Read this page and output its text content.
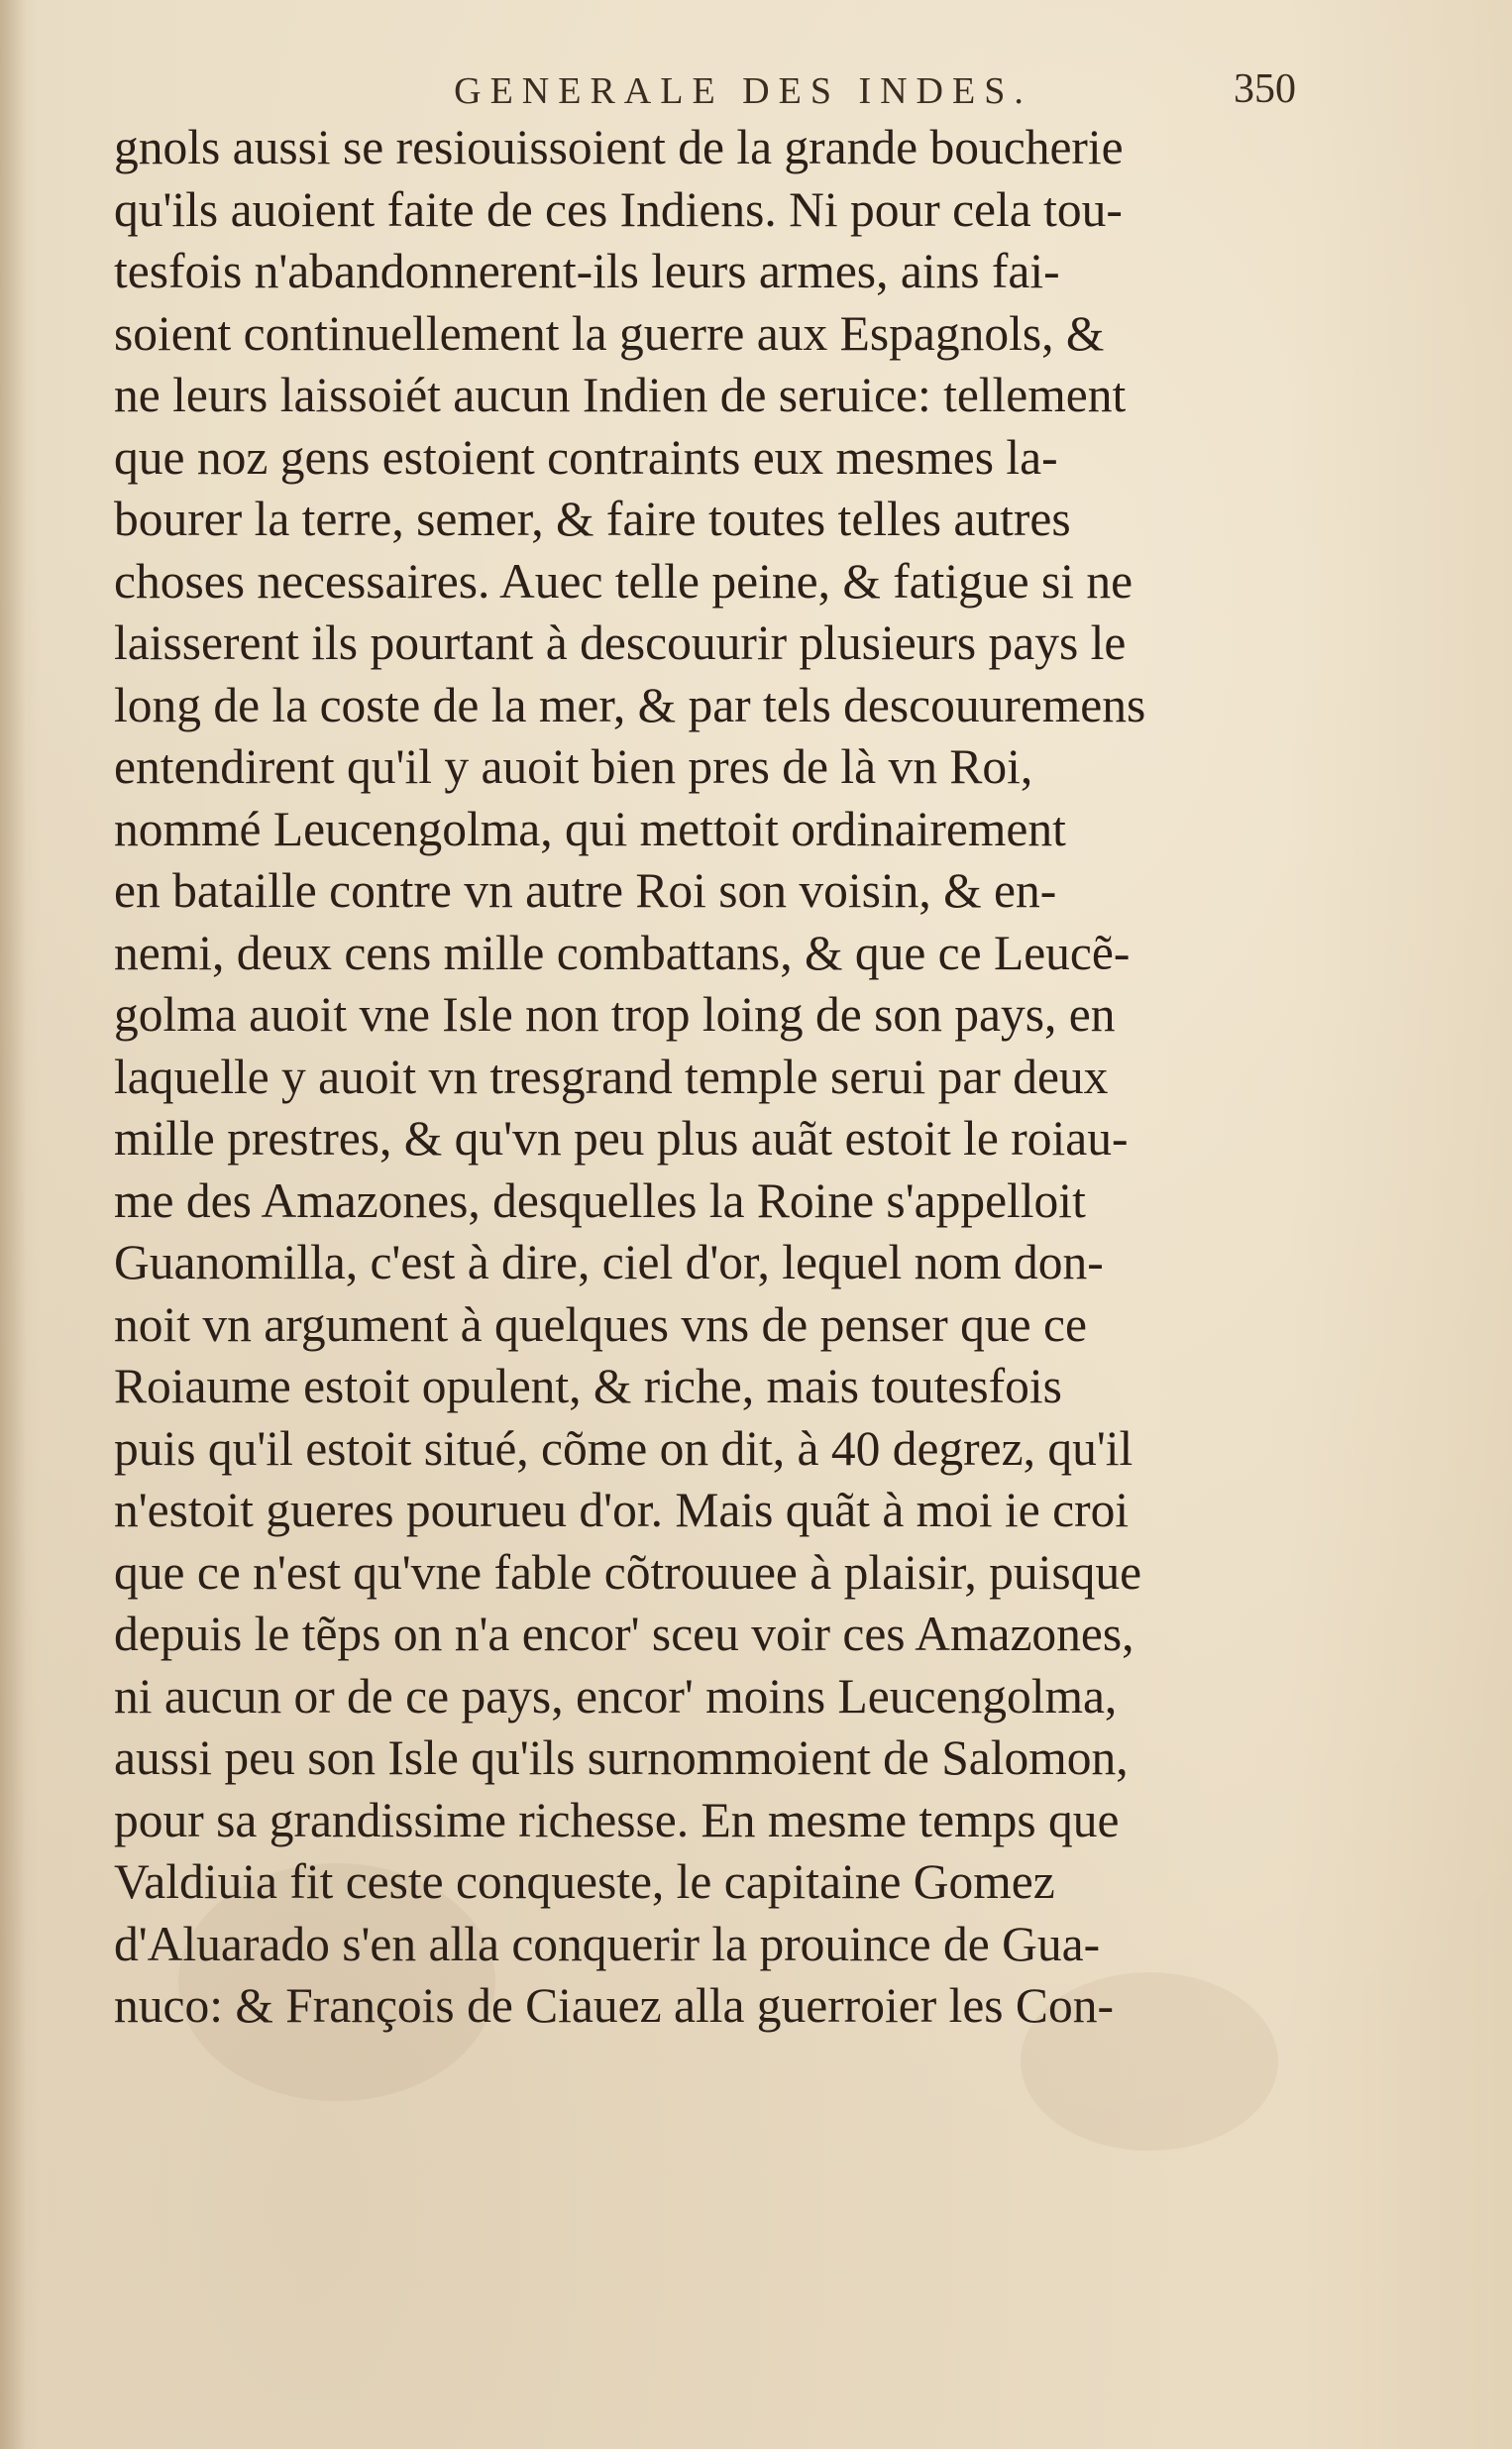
GENERALE DES INDES.	350
gnols aussi se resiouissoient de la grande boucherie
qu'ils auoient faite de ces Indiens. Ni pour cela tou-
tesfois n'abandonnerent-ils leurs armes, ains fai-
soient continuellement la guerre aux Espagnols, &
ne leurs laissoiét aucun Indien de seruice: tellement
que noz gens estoient contraints eux mesmes la-
bourer la terre, semer, & faire toutes telles autres
choses necessaires. Auec telle peine, & fatigue si ne
laisserent ils pourtant à descouurir plusieurs pays le
long de la coste de la mer, & par tels descouuremens
entendirent qu'il y auoit bien pres de là vn Roi,
nommé Leucengolma, qui mettoit ordinairement
en bataille contre vn autre Roi son voisin, & en-
nemi, deux cens mille combattans, & que ce Leucẽ-
golma auoit vne Isle non trop loing de son pays, en
laquelle y auoit vn tresgrand temple serui par deux
mille prestres, & qu'vn peu plus auãt estoit le roiau-
me des Amazones, desquelles la Roine s'appelloit
Guanomilla, c'est à dire, ciel d'or, lequel nom don-
noit vn argument à quelques vns de penser que ce
Roiaume estoit opulent, & riche, mais toutesfois
puis qu'il estoit situé, cõme on dit, à 40 degrez, qu'il
n'estoit gueres pourueu d'or. Mais quãt à moi ie croi
que ce n'est qu'vne fable cõtrouuee à plaisir, puisque
depuis le tẽps on n'a encor' sceu voir ces Amazones,
ni aucun or de ce pays, encor' moins Leucengolma,
aussi peu son Isle qu'ils surnommoient de Salomon,
pour sa grandissime richesse. En mesme temps que
Valdiuia fit ceste conqueste, le capitaine Gomez
d'Aluarado s'en alla conquerir la prouince de Gua-
nuco: & François de Ciauez alla guerroier les Con-
